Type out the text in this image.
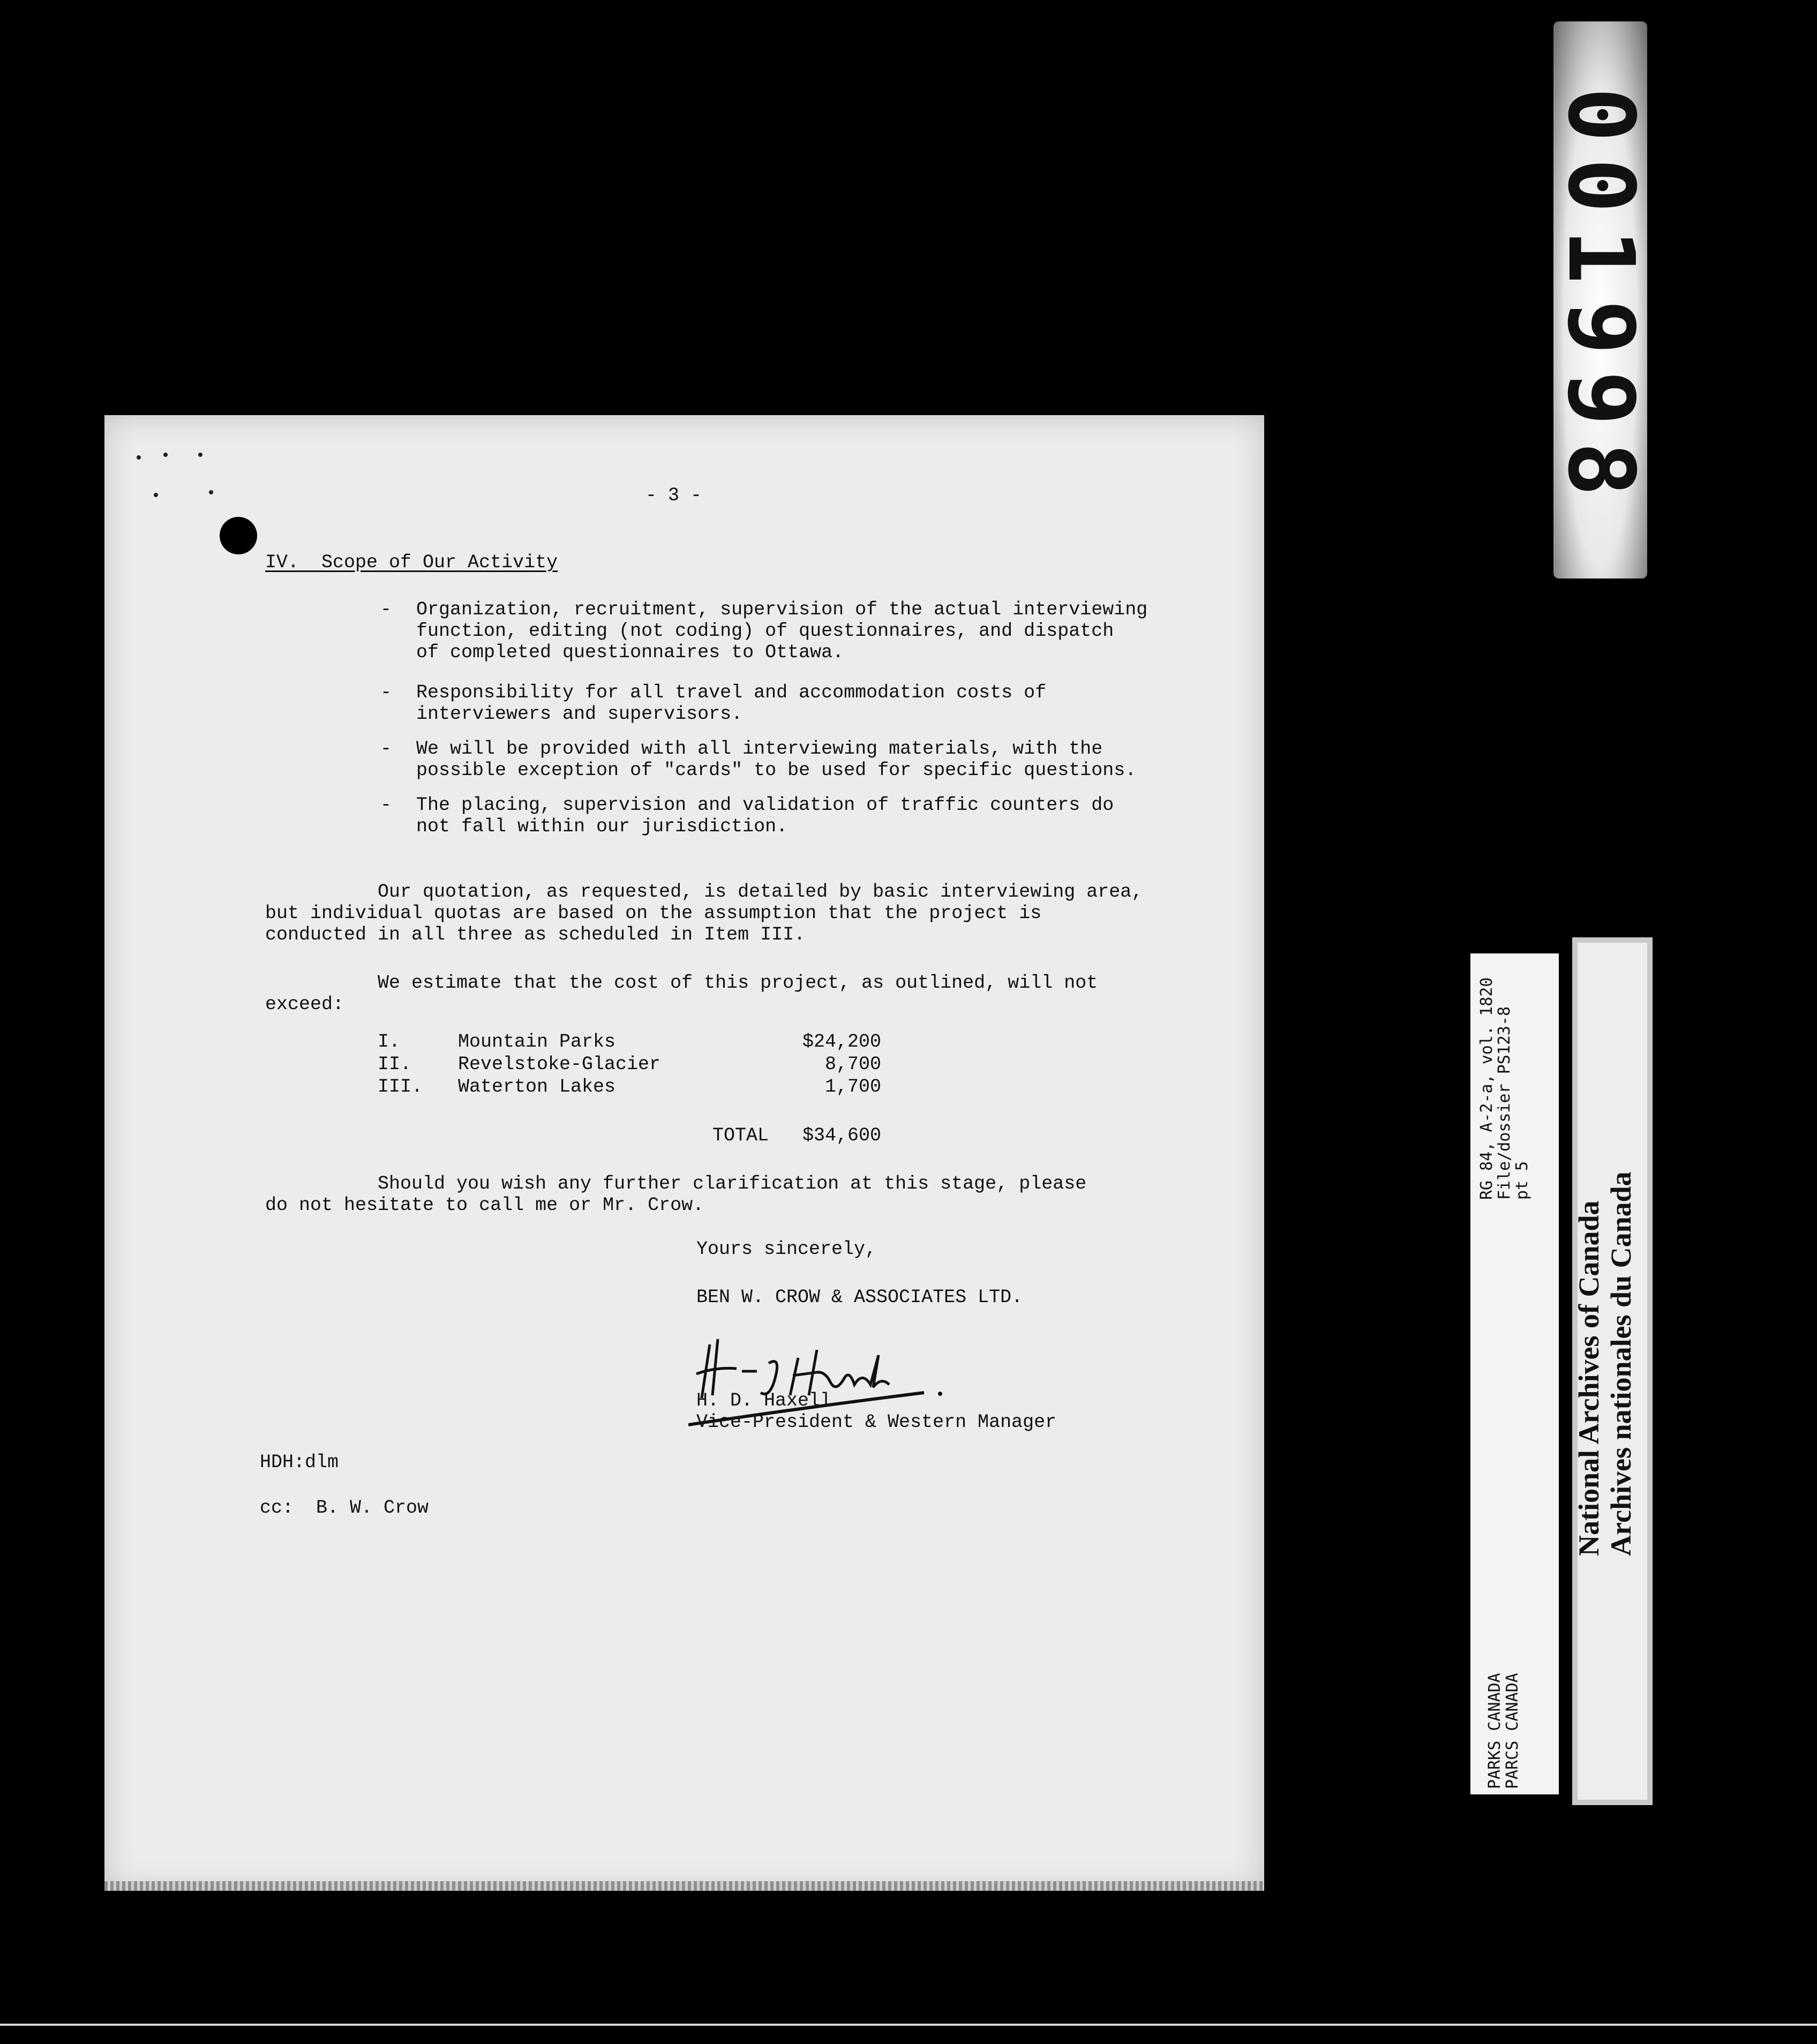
- 3 -
IV.  Scope of Our Activity
- Organization, recruitment, supervision of the actual interviewing
function, editing (not coding) of questionnaires, and dispatch
of completed questionnaires to Ottawa.
- Responsibility for all travel and accommodation costs of
interviewers and supervisors.
- We will be provided with all interviewing materials, with the
possible exception of "cards" to be used for specific questions.
- The placing, supervision and validation of traffic counters do
not fall within our jurisdiction.
Our quotation, as requested, is detailed by basic interviewing area,
but individual quotas are based on the assumption that the project is
conducted in all three as scheduled in Item III.
We estimate that the cost of this project, as outlined, will not
exceed:
I.	Mountain Parks	$24,200
II. Revelstoke-Glacier	8,700
III. Waterton Lakes	1,700
TOTAL	$34,600
Should you wish any further clarification at this stage, please
do not hesitate to call me or Mr. Crow.
Yours sincerely,
BEN W. CROW & ASSOCIATES LTD.
H. D. Haxell
Vice-President & Western Manager
HDH:dlm
cc:  B. W. Crow
001998
RG 84, A-2-a, vol. 1820
File/dossier PS123-8
pt 5
PARKS CANADA
PARCS CANADA
National Archives of Canada Archives nationales du Canada
